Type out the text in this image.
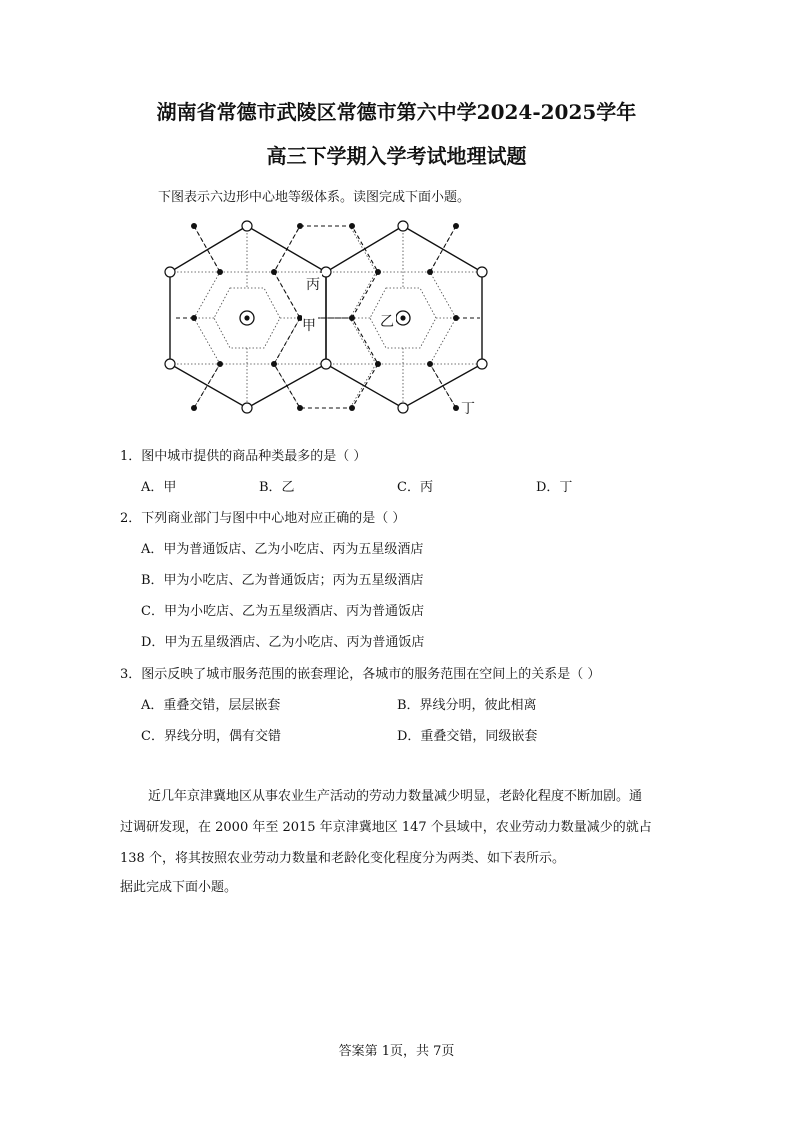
湖南省常德市武陵区常德市第六中学2024-2025学年
高三下学期入学考试地理试题
下图表示六边形中心地等级体系。读图完成下面小题。
甲	乙
丙
丁
1．图中城市提供的商品种类最多的是（ ）
A．甲	B．乙	C．丙	D．丁
2．下列商业部门与图中中心地对应正确的是（ ）
A．甲为普通饭店、乙为小吃店、丙为五星级酒店
B．甲为小吃店、乙为普通饭店；丙为五星级酒店
C．甲为小吃店、乙为五星级酒店、丙为普通饭店
D．甲为五星级酒店、乙为小吃店、丙为普通饭店
3．图示反映了城市服务范围的嵌套理论，各城市的服务范围在空间上的关系是（ ）
A．重叠交错，层层嵌套	B．界线分明，彼此相离
C．界线分明，偶有交错	D．重叠交错，同级嵌套
近几年京津冀地区从事农业生产活动的劳动力数量减少明显，老龄化程度不断加剧。通
过调研发现，在 2000 年至 2015 年京津冀地区 147 个县域中，农业劳动力数量减少的就占
138 个，将其按照农业劳动力数量和老龄化变化程度分为两类、如下表所示。
据此完成下面小题。
答案第 1页，共 7页
